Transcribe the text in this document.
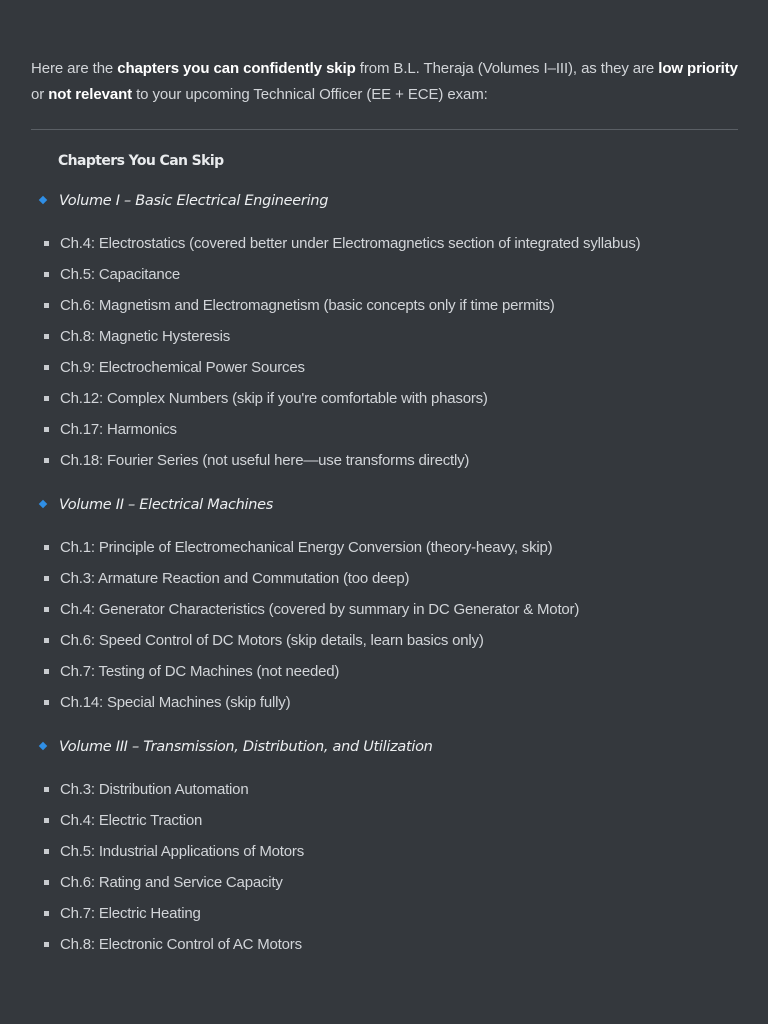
Here are the chapters you can confidently skip from B.L. Theraja (Volumes I–III), as they are low priority or not relevant to your upcoming Technical Officer (EE + ECE) exam:

Chapters You Can Skip
Volume I – Basic Electrical Engineering
Ch.4: Electrostatics (covered better under Electromagnetics section of integrated syllabus)
Ch.5: Capacitance
Ch.6: Magnetism and Electromagnetism (basic concepts only if time permits)
Ch.8: Magnetic Hysteresis
Ch.9: Electrochemical Power Sources
Ch.12: Complex Numbers (skip if you're comfortable with phasors)
Ch.17: Harmonics
Ch.18: Fourier Series (not useful here—use transforms directly)
Volume II – Electrical Machines
Ch.1: Principle of Electromechanical Energy Conversion (theory-heavy, skip)
Ch.3: Armature Reaction and Commutation (too deep)
Ch.4: Generator Characteristics (covered by summary in DC Generator & Motor)
Ch.6: Speed Control of DC Motors (skip details, learn basics only)
Ch.7: Testing of DC Machines (not needed)
Ch.14: Special Machines (skip fully)
Volume III – Transmission, Distribution, and Utilization
Ch.3: Distribution Automation
Ch.4: Electric Traction
Ch.5: Industrial Applications of Motors
Ch.6: Rating and Service Capacity
Ch.7: Electric Heating
Ch.8: Electronic Control of AC Motors
